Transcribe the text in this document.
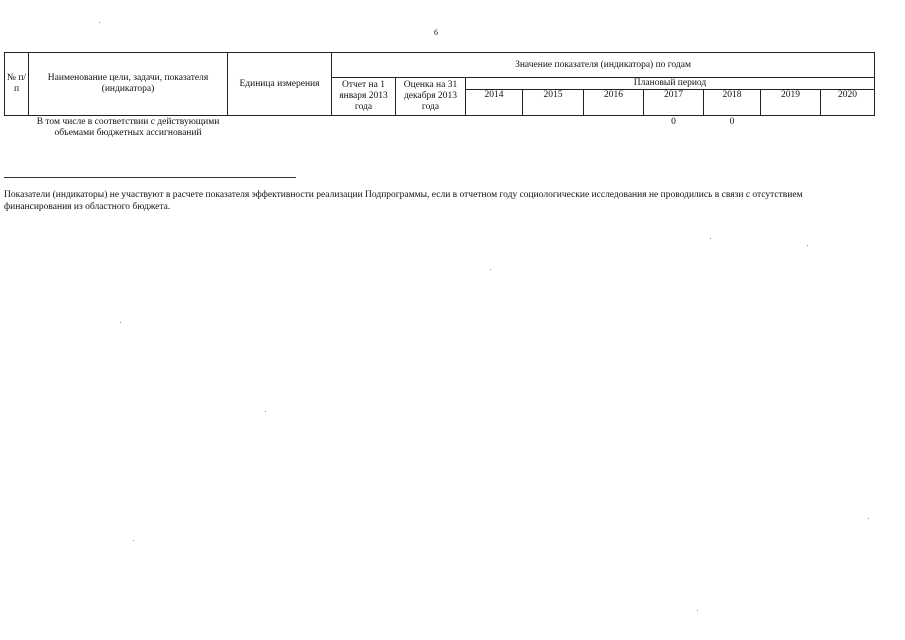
6
№ п/п	Наименование цели, задачи, показателя (индикатора)	Единица измерения	Значение показателя (индикатора) по годам								
			Отчет на 1 января 2013 года	Оценка на 31 декабря 2013 года	Плановый период						
					2014	2015	2016	2017	2018	2019	2020
	В том числе в соответствии с действующими объемами бюджетных ассигнований							0	0		
Показатели (индикаторы) не участвуют в расчете показателя эффективности реализации Подпрограммы, если в отчетном году социологические исследования не проводились в связи с отсутствием финансирования из областного бюджета.
